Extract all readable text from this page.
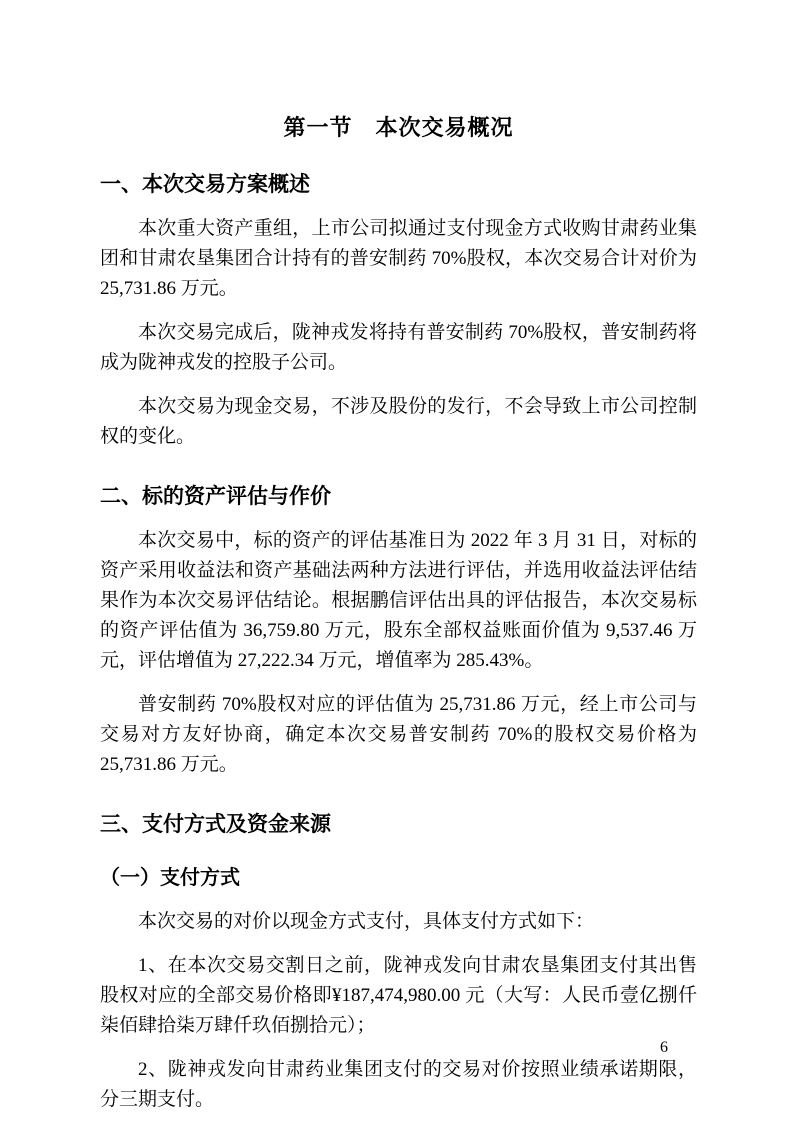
第一节　本次交易概况
一、本次交易方案概述

本次重大资产重组，上市公司拟通过支付现金方式收购甘肃药业集团和甘肃农垦集团合计持有的普安制药 70%股权，本次交易合计对价为 25,731.86 万元。

本次交易完成后，陇神戎发将持有普安制药 70%股权，普安制药将成为陇神戎发的控股子公司。

本次交易为现金交易，不涉及股份的发行，不会导致上市公司控制权的变化。

二、标的资产评估与作价

本次交易中，标的资产的评估基准日为 2022 年 3 月 31 日，对标的资产采用收益法和资产基础法两种方法进行评估，并选用收益法评估结果作为本次交易评估结论。根据鹏信评估出具的评估报告，本次交易标的资产评估值为 36,759.80 万元，股东全部权益账面价值为 9,537.46 万元，评估增值为 27,222.34 万元，增值率为 285.43%。

普安制药 70%股权对应的评估值为 25,731.86 万元，经上市公司与交易对方友好协商，确定本次交易普安制药 70%的股权交易价格为 25,731.86 万元。

三、支付方式及资金来源
（一）支付方式

本次交易的对价以现金方式支付，具体支付方式如下：

1、在本次交易交割日之前，陇神戎发向甘肃农垦集团支付其出售股权对应的全部交易价格即¥187,474,980.00 元（大写：人民币壹亿捌仟柒佰肆拾柒万肆仟玖佰捌拾元）；

2、陇神戎发向甘肃药业集团支付的交易对价按照业绩承诺期限，分三期支付。

6
